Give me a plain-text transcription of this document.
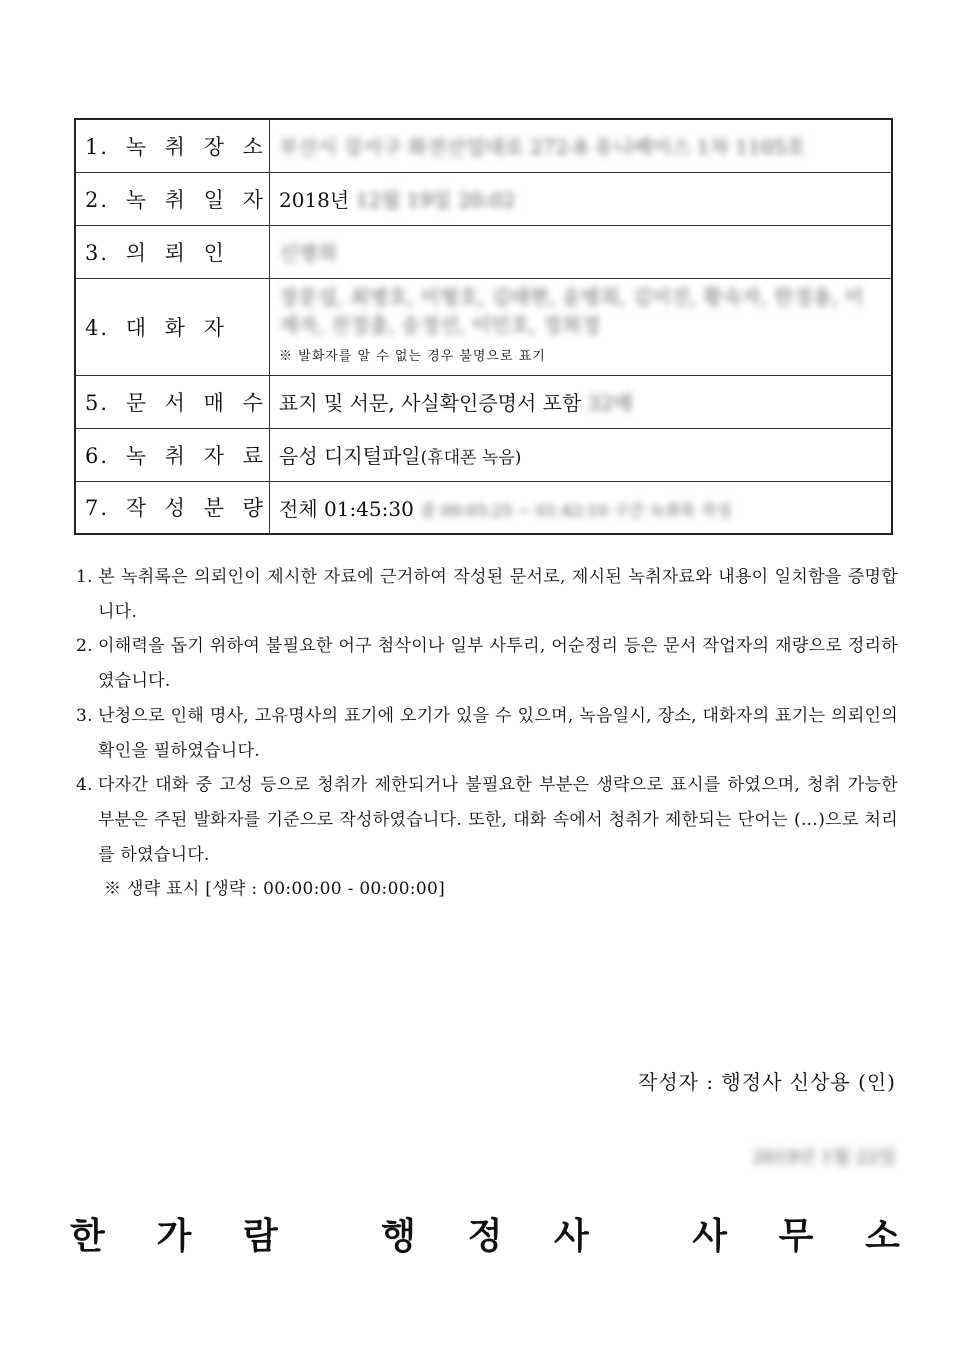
1. 녹 취 장 소	부산시 강서구 화전산업대로 272-8 유니베이스 1차 1105호
2. 녹 취 일 자	2018년 12월 19일 20:02
3. 의 뢰 인	신병희
4. 대 화 자	장문섭, 최병호, 이형호, 김태현, 윤병희, 김미진, 황숙자, 한정용, 이재자, 전정출, 송정선, 이민호, 정희정
※ 발화자를 알 수 없는 경우 불명으로 표기

5. 문 서 매 수	표지 및 서문, 사실확인증명서 포함 32매
6. 녹 취 자 료	음성 디지털파일(휴대폰 녹음)
7. 작 성 분 량	전체 01:45:30 중 00:05:25 ~ 01:42:10 구간 녹취록 작성
1. 본 녹취록은 의뢰인이 제시한 자료에 근거하여 작성된 문서로, 제시된 녹취자료와 내용이 일치함을 증명합니다.
2. 이해력을 돕기 위하여 불필요한 어구 첨삭이나 일부 사투리, 어순정리 등은 문서 작업자의 재량으로 정리하였습니다.
3. 난청으로 인해 명사, 고유명사의 표기에 오기가 있을 수 있으며, 녹음일시, 장소, 대화자의 표기는 의뢰인의 확인을 필하였습니다.
4. 다자간 대화 중 고성 등으로 청취가 제한되거나 불필요한 부분은 생략으로 표시를 하였으며, 청취 가능한 부분은 주된 발화자를 기준으로 작성하였습니다. 또한, 대화 속에서 청취가 제한되는 단어는 (…)으로 처리를 하였습니다.
※ 생략 표시 [생략 : 00:00:00 - 00:00:00]
작성자 : 행정사 신상용 (인)
2019년 1월 22일
한 가 람	행 정 사	사 무 소
